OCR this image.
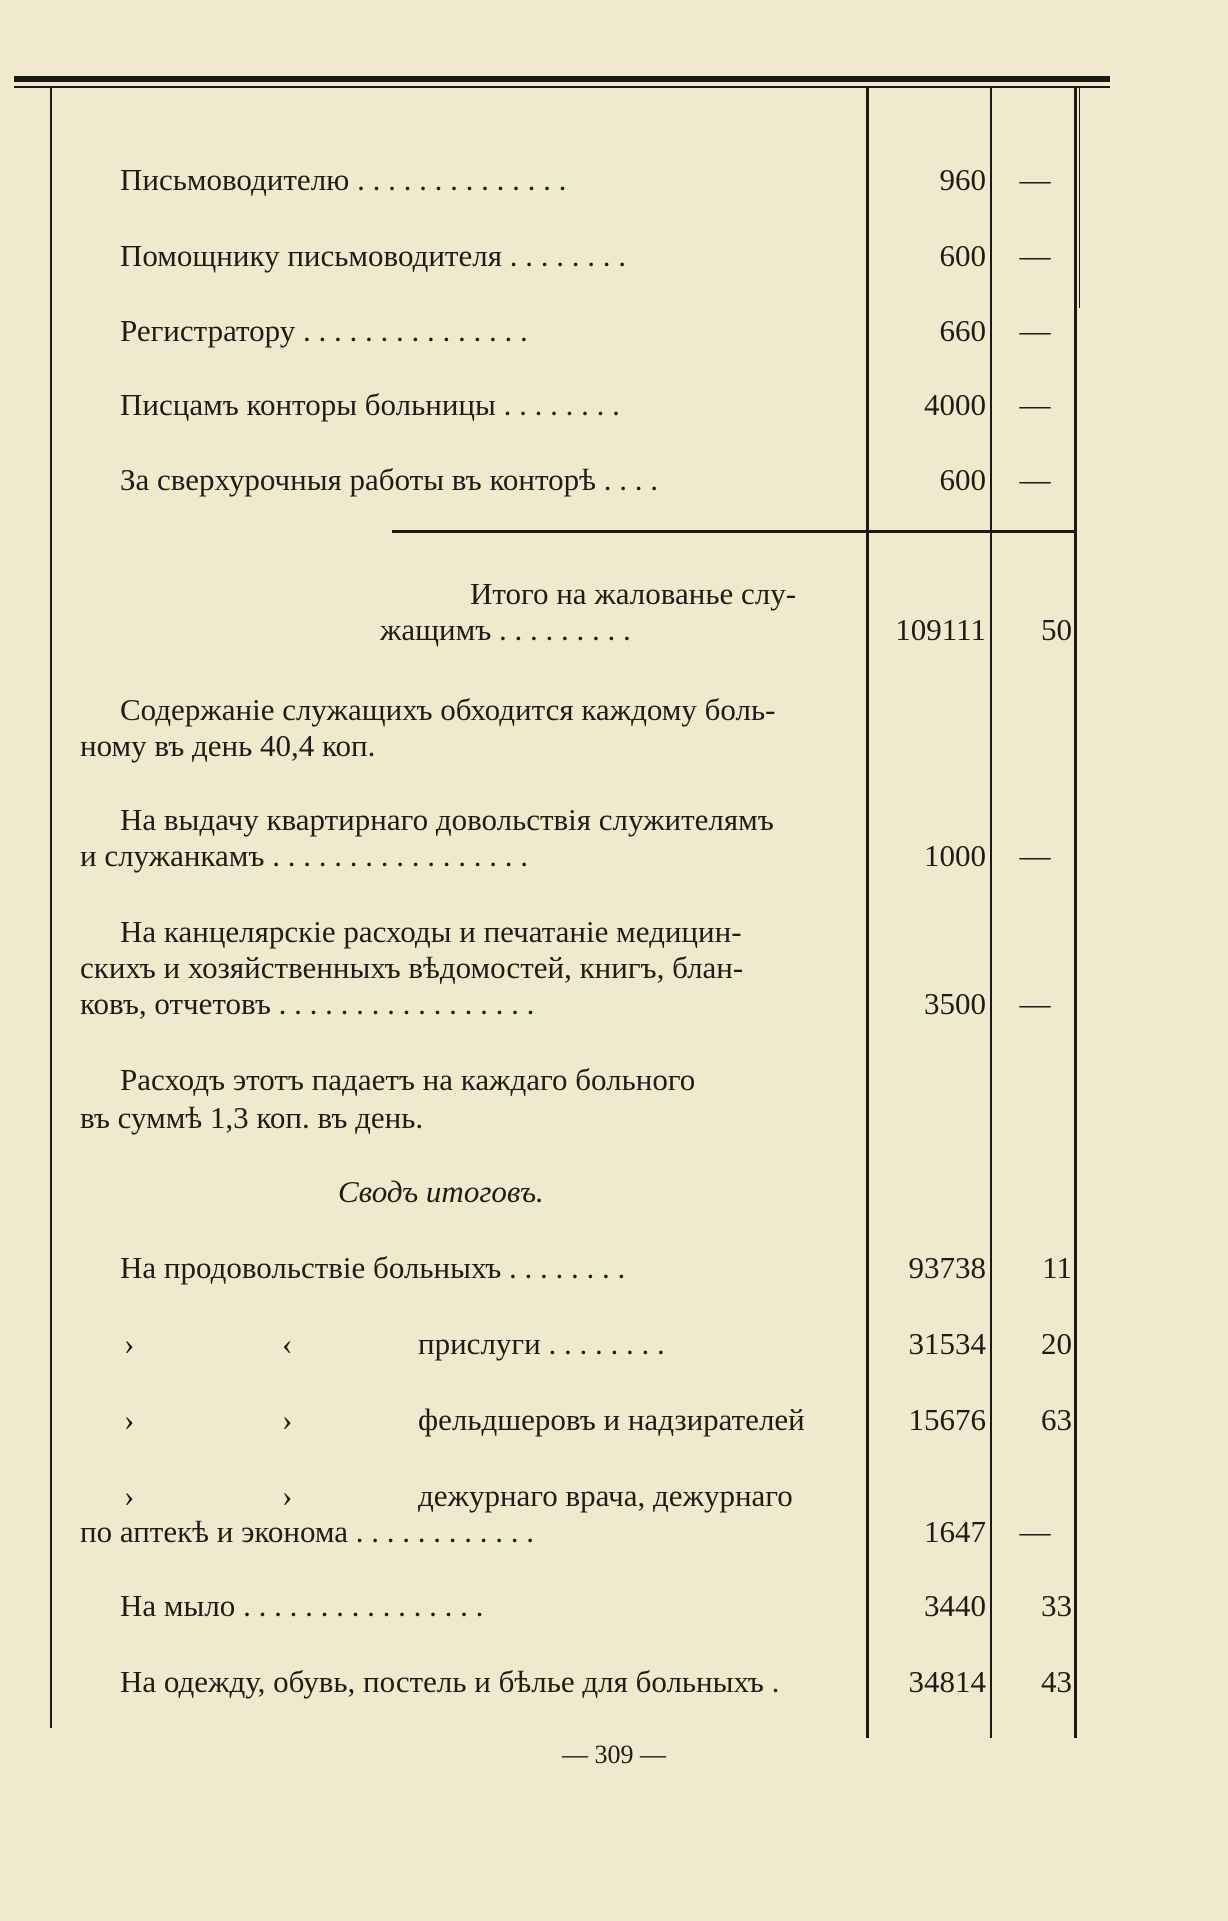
Письмоводителю . . . . . . . . . . . . . .	960	—
Помощнику письмоводителя . . . . . . . .	600	—
Регистратору . . . . . . . . . . . . . . .	660	—
Писцамъ конторы больницы . . . . . . . .	4000	—
За сверхурочныя работы въ конторѣ . . . .	600	—
Итого на жалованье слу-
жащимъ . . . . . . . . .	109111	50
Содержаніе служащихъ обходится каждому боль-
ному въ день 40,4 коп.
На выдачу квартирнаго довольствія служителямъ
и служанкамъ . . . . . . . . . . . . . . . . .	1000	—
На канцелярскіе расходы и печатаніе медицин-
скихъ и хозяйственныхъ вѣдомостей, книгъ, блан-
ковъ, отчетовъ . . . . . . . . . . . . . . . . .	3500	—
Расходъ этотъ падаетъ на каждаго больного
въ суммѣ 1,3 коп. въ день.
Сводъ итоговъ.
На продовольствіе больныхъ . . . . . . . .	93738	11
›	‹	прислуги . . . . . . . .	31534	20
›	›	фельдшеровъ и надзирателей	15676	63
›	›	дежурнаго врача, дежурнаго
по аптекѣ и эконома . . . . . . . . . . . .	1647	—
На мыло . . . . . . . . . . . . . . . .	3440	33
На одежду, обувь, постель и бѣлье для больныхъ .	34814	43
— 309 —
